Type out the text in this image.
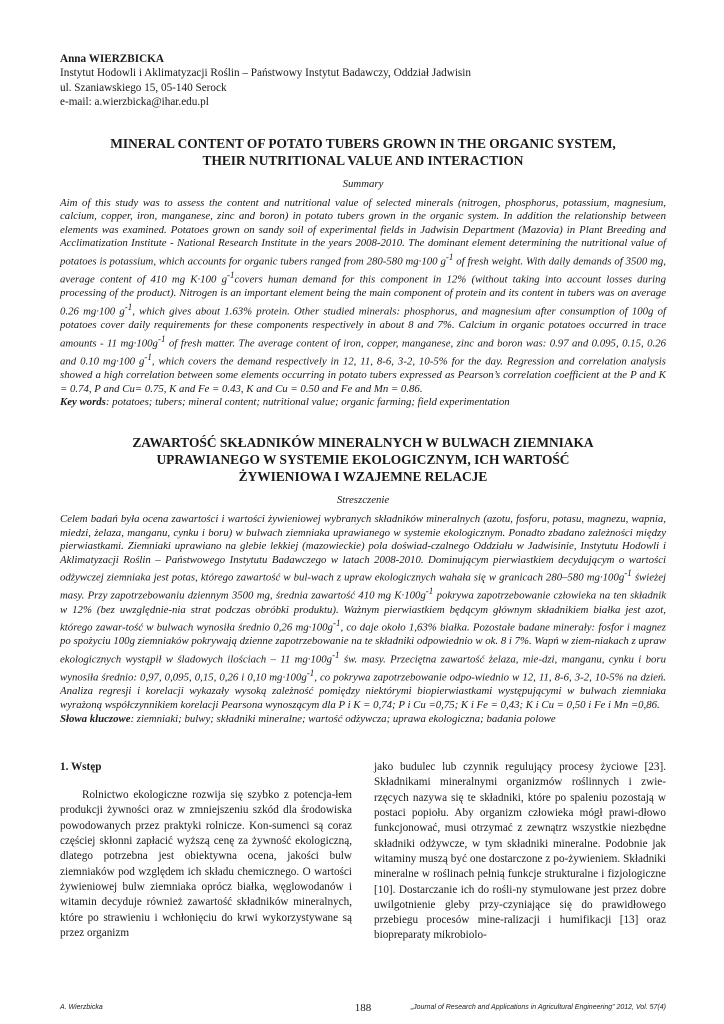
Anna WIERZBICKA
Instytut Hodowli i Aklimatyzacji Roślin – Państwowy Instytut Badawczy, Oddział Jadwisin
ul. Szaniawskiego 15, 05-140 Serock
e-mail: a.wierzbicka@ihar.edu.pl
MINERAL CONTENT OF POTATO TUBERS GROWN IN THE ORGANIC SYSTEM,
THEIR NUTRITIONAL VALUE AND INTERACTION
Summary

Aim of this study was to assess the content and nutritional value of selected minerals (nitrogen, phosphorus, potassium, magnesium, calcium, copper, iron, manganese, zinc and boron) in potato tubers grown in the organic system. In addition the relationship between elements was examined. Potatoes grown on sandy soil of experimental fields in Jadwisin Department (Mazovia) in Plant Breeding and Acclimatization Institute - National Research Institute in the years 2008-2010. The dominant element determining the nutritional value of potatoes is potassium, which accounts for organic tubers ranged from 280-580 mg·100 $g^{-1}$ of fresh weight. With daily demands of 3500 mg, average content of 410 mg K·100 $g^{-1}covers$ human demand for this component in 12% (without taking into account losses during processing of the product). Nitrogen is an important element being the main component of protein and its content in tubers was on average 0.26 mg·100 $g^{-1}$, which gives about 1.63% protein. Other studied minerals: phosphorus, and magnesium after consumption of 100g of potatoes cover daily requirements for these components respectively in about 8 and 7%. Calcium in organic potatoes occurred in trace amounts - 11 $mg\cdot 100g^{-1}$ of fresh matter. The average content of iron, copper, manganese, zinc and boron was: 0.97 and 0.095, 0.15, 0.26 and 0.10 mg·100 $g^{-1}$, which covers the demand respectively in 12, 11, 8-6, 3-2, 10-5% for the day. Regression and correlation analysis showed a high correlation between some elements occurring in potato tubers expressed as Pearson’s correlation coefficient at the P and K = 0.74, P and Cu= 0.75, K and Fe = 0.43, K and Cu = 0.50 and Fe and Mn = 0.86.
Key words: potatoes; tubers; mineral content; nutritional value; organic farming; field experimentation

ZAWARTOŚĆ SKŁADNIKÓW MINERALNYCH W BULWACH ZIEMNIAKA
UPRAWIANEGO W SYSTEMIE EKOLOGICZNYM, ICH WARTOŚĆ
ŻYWIENIOWA I WZAJEMNE RELACJE
Streszczenie

Celem badań była ocena zawartości i wartości żywieniowej wybranych składników mineralnych (azotu, fosforu, potasu, magnezu, wapnia, miedzi, żelaza, manganu, cynku i boru) w bulwach ziemniaka uprawianego w systemie ekologicznym. Ponadto zbadano zależności między pierwiastkami. Ziemniaki uprawiano na glebie lekkiej (mazowieckie) pola doświad-czalnego Oddziału w Jadwisinie, Instytutu Hodowli i Aklimatyzacji Roślin – Państwowego Instytutu Badawczego w latach 2008-2010. Dominującym pierwiastkiem decydującym o wartości odżywczej ziemniaka jest potas, którego zawartość w bul-wach z upraw ekologicznych wahała się w granicach 280–580 $mg\cdot 100g^{-1}$ świeżej masy. Przy zapotrzebowaniu dziennym 3500 mg, średnia zawartość 410 mg $K\cdot 100g^{-1}$ pokrywa zapotrzebowanie człowieka na ten składnik w 12% (bez uwzględnie-nia strat podczas obróbki produktu). Ważnym pierwiastkiem będącym głównym składnikiem białka jest azot, którego zawar-tość w bulwach wynosiła średnio 0,26 $mg\cdot 100g^{-1}$, co daje około 1,63% białka. Pozostałe badane minerały: fosfor i magnez po spożyciu 100g ziemniaków pokrywają dzienne zapotrzebowanie na te składniki odpowiednio w ok. 8 i 7%. Wapń w ziem-niakach z upraw ekologicznych wystąpił w śladowych ilościach – 11 $mg\cdot 100g^{-1}$ św. masy. Przeciętna zawartość żelaza, mie-dzi, manganu, cynku i boru wynosiła średnio: 0,97, 0,095, 0,15, 0,26 i 0,10 $mg\cdot 100g^{-1}$, co pokrywa zapotrzebowanie odpo-wiednio w 12, 11, 8-6, 3-2, 10-5% na dzień. Analiza regresji i korelacji wykazały wysoką zależność pomiędzy niektórymi biopierwiastkami występującymi w bulwach ziemniaka wyrażoną współczynnikiem korelacji Pearsona wynoszącym dla P i K = 0,74; P i Cu =0,75; K i Fe = 0,43; K i Cu = 0,50 i Fe i Mn =0,86.
Słowa kluczowe: ziemniaki; bulwy; składniki mineralne; wartość odżywcza; uprawa ekologiczna; badania polowe

1. Wstęp

Rolnictwo ekologiczne rozwija się szybko z potencja-łem produkcji żywności oraz w zmniejszeniu szkód dla środowiska powodowanych przez praktyki rolnicze. Kon-sumenci są coraz częściej skłonni zapłacić wyższą cenę za żywność ekologiczną, dlatego potrzebna jest obiektywna ocena, jakości bulw ziemniaków pod względem ich składu chemicznego. O wartości żywieniowej bulw ziemniaka oprócz białka, węglowodanów i witamin decyduje również zawartość składników mineralnych, które po strawieniu i wchłonięciu do krwi wykorzystywane są przez organizm

jako budulec lub czynnik regulujący procesy życiowe [23]. Składnikami mineralnymi organizmów roślinnych i zwie-rzęcych nazywa się te składniki, które po spaleniu pozostają w postaci popiołu. Aby organizm człowieka mógł prawi-dłowo funkcjonować, musi otrzymać z zewnątrz wszystkie niezbędne składniki odżywcze, w tym składniki mineralne. Podobnie jak witaminy muszą być one dostarczone z po-żywieniem. Składniki mineralne w roślinach pełnią funkcje strukturalne i fizjologiczne [10]. Dostarczanie ich do rośli-ny stymulowane jest przez dobre uwilgotnienie gleby przy-czyniające się do prawidłowego przebiegu procesów mine-ralizacji i humifikacji [13] oraz biopreparaty mikrobiolo-

A. Wierzbicka	188	„Journal of Research and Applications in Agricultural Engineering” 2012, Vol. 57(4)
